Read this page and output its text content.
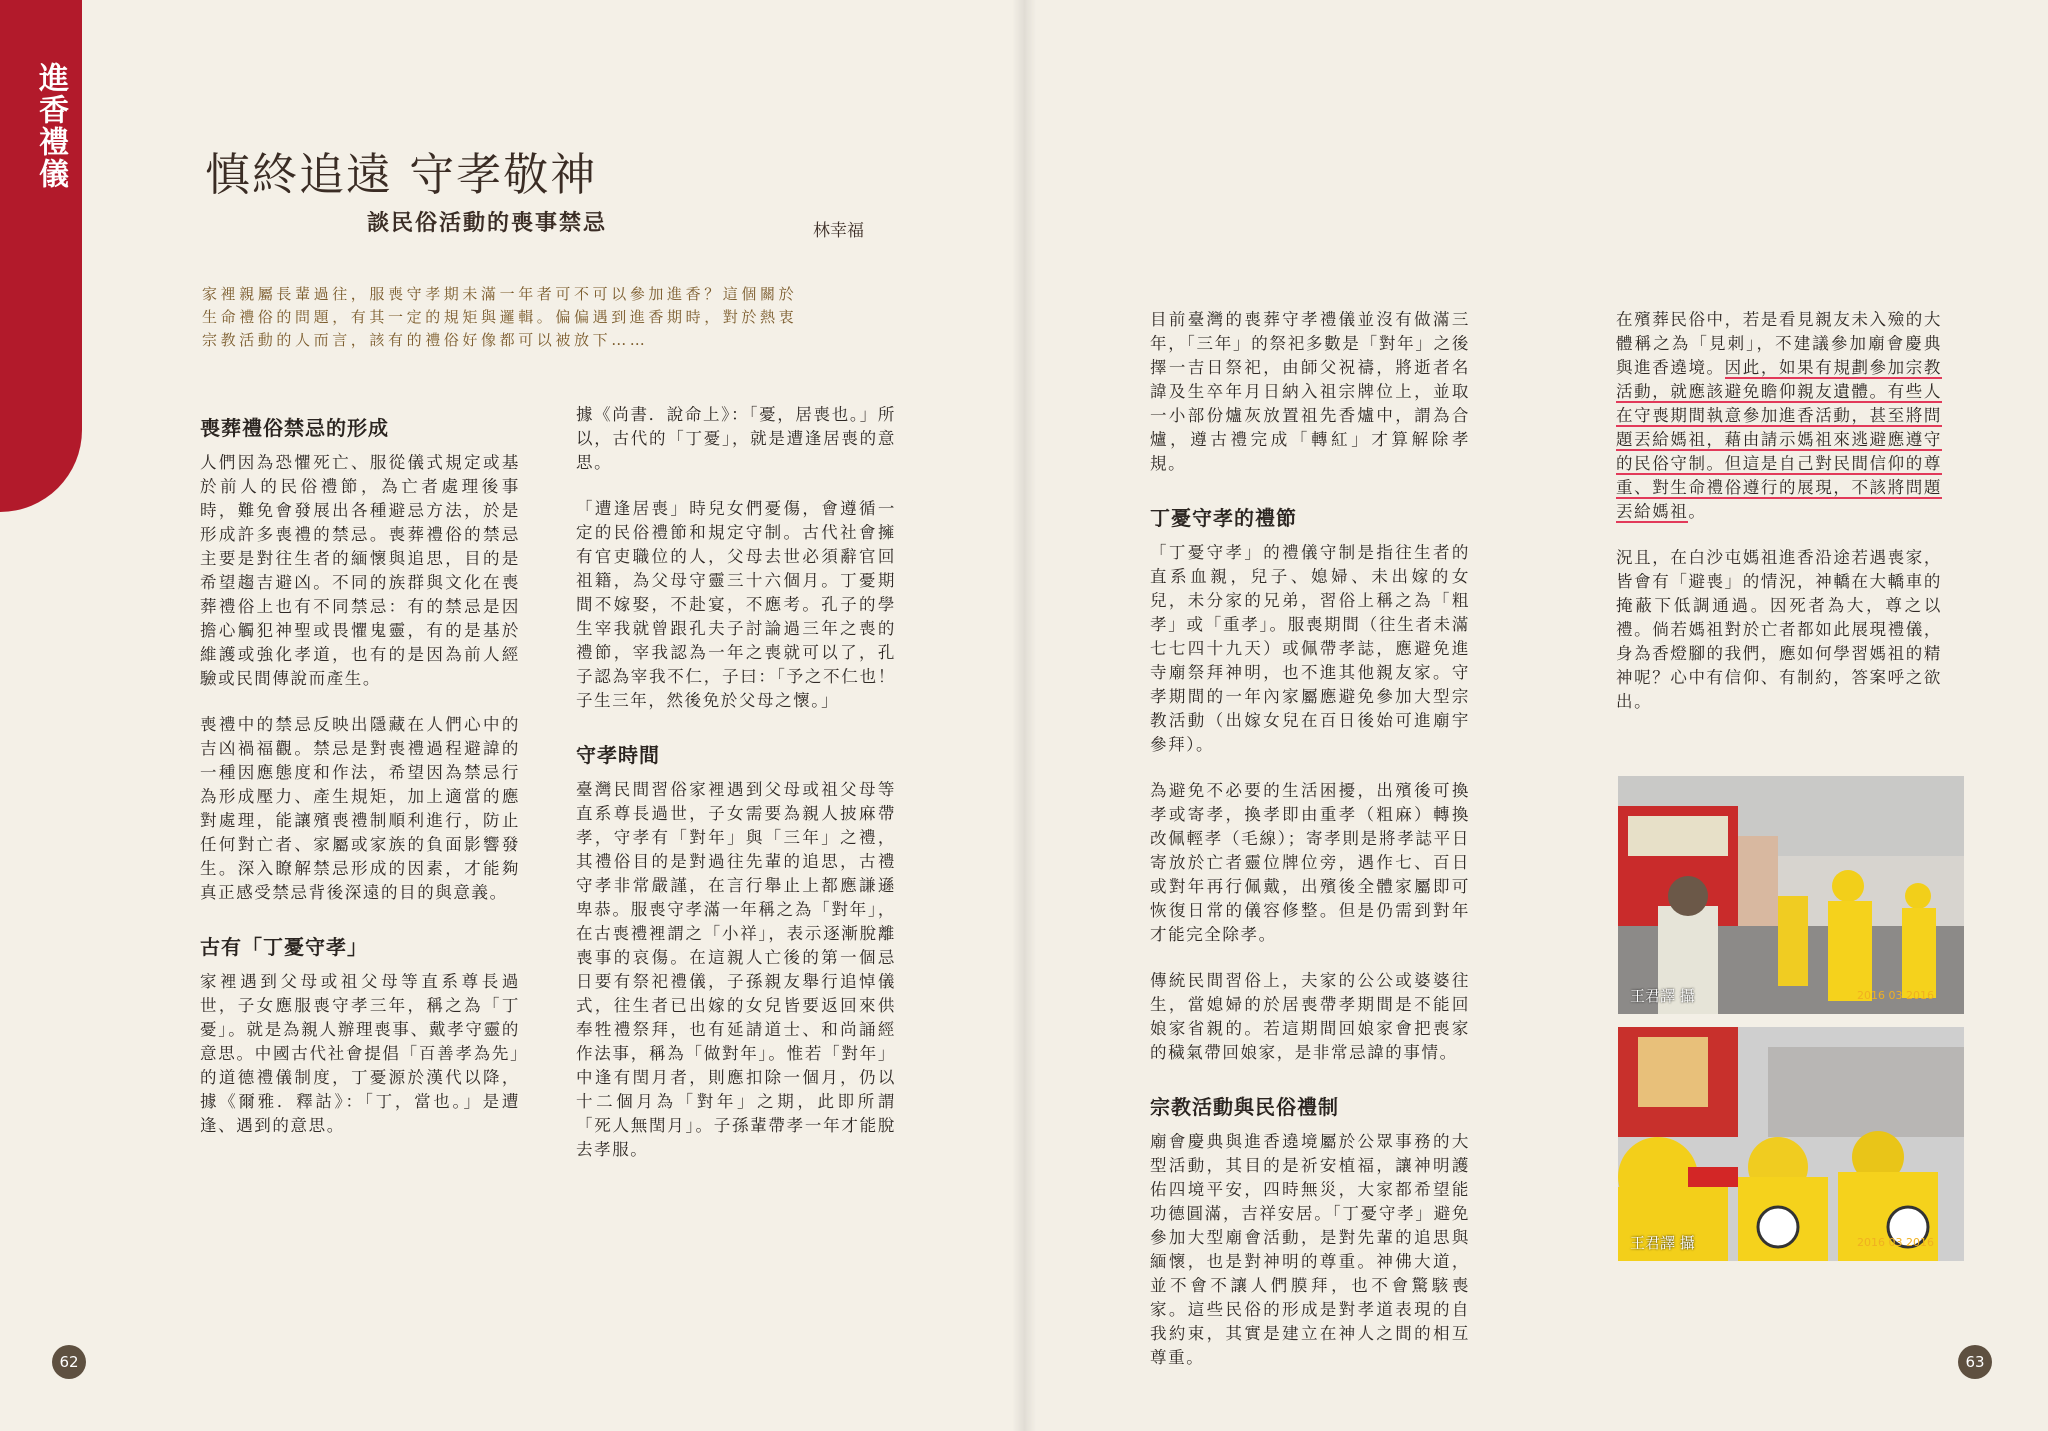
進香禮儀	慎終追遠 守孝敬神
談民俗活動的喪事禁忌	林幸福

家裡親屬長輩過往，服喪守孝期未滿一年者可不可以參加進香？這個關於生命禮俗的問題，有其一定的規矩與邏輯。偏偏遇到進香期時，對於熱衷宗教活動的人而言，該有的禮俗好像都可以被放下……

喪葬禮俗禁忌的形成

人們因為恐懼死亡、服從儀式規定或基於前人的民俗禮節，為亡者處理後事時，難免會發展出各種避忌方法，於是形成許多喪禮的禁忌。喪葬禮俗的禁忌主要是對往生者的緬懷與追思，目的是希望趨吉避凶。不同的族群與文化在喪葬禮俗上也有不同禁忌：有的禁忌是因擔心觸犯神聖或畏懼鬼靈，有的是基於維護或強化孝道，也有的是因為前人經驗或民間傳說而產生。

喪禮中的禁忌反映出隱藏在人們心中的吉凶禍福觀。禁忌是對喪禮過程避諱的一種因應態度和作法，希望因為禁忌行為形成壓力、產生規矩，加上適當的應對處理，能讓殯喪禮制順利進行，防止任何對亡者、家屬或家族的負面影響發生。深入瞭解禁忌形成的因素，才能夠真正感受禁忌背後深遠的目的與意義。

古有「丁憂守孝」

家裡遇到父母或祖父母等直系尊長過世，子女應服喪守孝三年，稱之為「丁憂」。就是為親人辦理喪事、戴孝守靈的意思。中國古代社會提倡「百善孝為先」的道德禮儀制度，丁憂源於漢代以降，據《爾雅．釋詁》：「丁，當也。」是遭逢、遇到的意思。

據《尚書．說命上》：「憂，居喪也。」所以，古代的「丁憂」，就是遭逢居喪的意思。

「遭逢居喪」時兒女們憂傷，會遵循一定的民俗禮節和規定守制。古代社會擁有官吏職位的人，父母去世必須辭官回祖籍，為父母守靈三十六個月。丁憂期間不嫁娶，不赴宴，不應考。孔子的學生宰我就曾跟孔夫子討論過三年之喪的禮節，宰我認為一年之喪就可以了，孔子認為宰我不仁，子曰：「予之不仁也！子生三年，然後免於父母之懷。」

守孝時間

臺灣民間習俗家裡遇到父母或祖父母等直系尊長過世，子女需要為親人披麻帶孝，守孝有「對年」與「三年」之禮，其禮俗目的是對過往先輩的追思，古禮守孝非常嚴謹，在言行舉止上都應謙遜卑恭。服喪守孝滿一年稱之為「對年」，在古喪禮裡謂之「小祥」，表示逐漸脫離喪事的哀傷。在這親人亡後的第一個忌日要有祭祀禮儀，子孫親友舉行追悼儀式，往生者已出嫁的女兒皆要返回來供奉牲禮祭拜，也有延請道士、和尚誦經作法事，稱為「做對年」。惟若「對年」中逢有閏月者，則應扣除一個月，仍以十二個月為「對年」之期，此即所謂「死人無閏月」。子孫輩帶孝一年才能脫去孝服。

62

目前臺灣的喪葬守孝禮儀並沒有做滿三年，「三年」的祭祀多數是「對年」之後擇一吉日祭祀，由師父祝禱，將逝者名諱及生卒年月日納入祖宗牌位上，並取一小部份爐灰放置祖先香爐中，謂為合爐，遵古禮完成「轉紅」才算解除孝規。

丁憂守孝的禮節

「丁憂守孝」的禮儀守制是指往生者的直系血親，兒子、媳婦、未出嫁的女兒，未分家的兄弟，習俗上稱之為「粗孝」或「重孝」。服喪期間（往生者未滿七七四十九天）或佩帶孝誌，應避免進寺廟祭拜神明，也不進其他親友家。守孝期間的一年內家屬應避免參加大型宗教活動（出嫁女兒在百日後始可進廟宇參拜）。

為避免不必要的生活困擾，出殯後可換孝或寄孝，換孝即由重孝（粗麻）轉換改佩輕孝（毛線）；寄孝則是將孝誌平日寄放於亡者靈位牌位旁，遇作七、百日或對年再行佩戴，出殯後全體家屬即可恢復日常的儀容修整。但是仍需到對年才能完全除孝。

傳統民間習俗上，夫家的公公或婆婆往生，當媳婦的於居喪帶孝期間是不能回娘家省親的。若這期間回娘家會把喪家的穢氣帶回娘家，是非常忌諱的事情。

宗教活動與民俗禮制

廟會慶典與進香遶境屬於公眾事務的大型活動，其目的是祈安植福，讓神明護佑四境平安，四時無災，大家都希望能功德圓滿，吉祥安居。「丁憂守孝」避免參加大型廟會活動，是對先輩的追思與緬懷，也是對神明的尊重。神佛大道，並不會不讓人們膜拜，也不會驚駭喪家。這些民俗的形成是對孝道表現的自我約束，其實是建立在神人之間的相互尊重。

在殯葬民俗中，若是看見親友未入殮的大體稱之為「見刺」，不建議參加廟會慶典與進香遶境。因此，如果有規劃參加宗教活動，就應該避免瞻仰親友遺體。有些人在守喪期間執意參加進香活動，甚至將問題丟給媽祖，藉由請示媽祖來逃避應遵守的民俗守制。但這是自己對民間信仰的尊重、對生命禮俗遵行的展現，不該將問題丟給媽祖。

況且，在白沙屯媽祖進香沿途若遇喪家，皆會有「避喪」的情況，神轎在大轎車的掩蔽下低調通過。因死者為大，尊之以禮。倘若媽祖對於亡者都如此展現禮儀，身為香燈腳的我們，應如何學習媽祖的精神呢？心中有信仰、有制約，答案呼之欲出。

王君譯 攝	2016 03 2016
王君譯 攝	2016 03 2016
63
